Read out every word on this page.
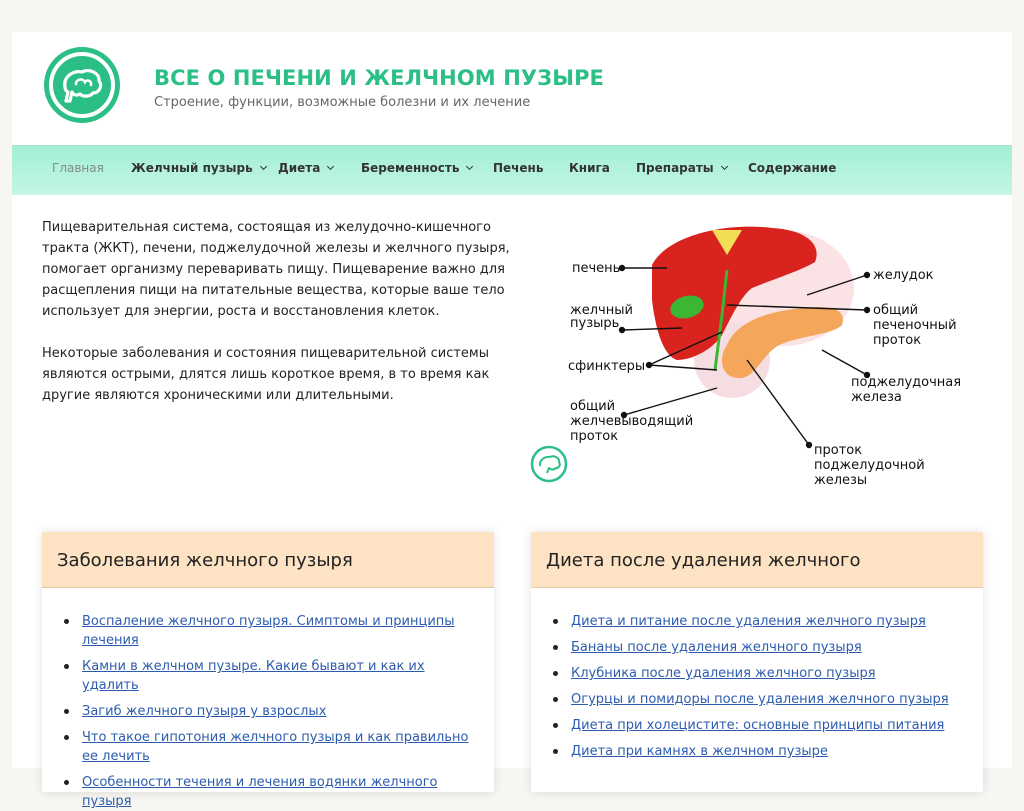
ВСЕ О ПЕЧЕНИ И ЖЕЛЧНОМ ПУЗЫРЕ
Строение, функции, возможные болезни и их лечение
Главная Желчный пузырь	Диета	Беременность	Печень Книга Препараты	Содержание

Пищеварительная система, состоящая из желудочно-кишечного тракта (ЖКТ), печени, поджелудочной железы и желчного пузыря, помогает организму переваривать пищу. Пищеварение важно для расщепления пищи на питательные вещества, которые ваше тело использует для энергии, роста и восстановления клеток.

Некоторые заболевания и состояния пищеварительной системы являются острыми, длятся лишь короткое время, в то время как другие являются хроническими или длительными.

печень
желчный
пузырь
сфинктеры
общий
желчевыводящий
проток
желудок
общий
печеночный
проток
поджелудочная
железа
проток
поджелудочной
железы
Заболевания желчного пузыря
Воспаление желчного пузыря. Симптомы и принципы лечения
Камни в желчном пузыре. Какие бывают и как их удалить
Загиб желчного пузыря у взрослых
Что такое гипотония желчного пузыря и как правильно ее лечить
Особенности течения и лечения водянки желчного пузыря
Диета после удаления желчного
Диета и питание после удаления желчного пузыря
Бананы после удаления желчного пузыря
Клубника после удаления желчного пузыря
Огурцы и помидоры после удаления желчного пузыря
Диета при холецистите: основные принципы питания
Диета при камнях в желчном пузыре
